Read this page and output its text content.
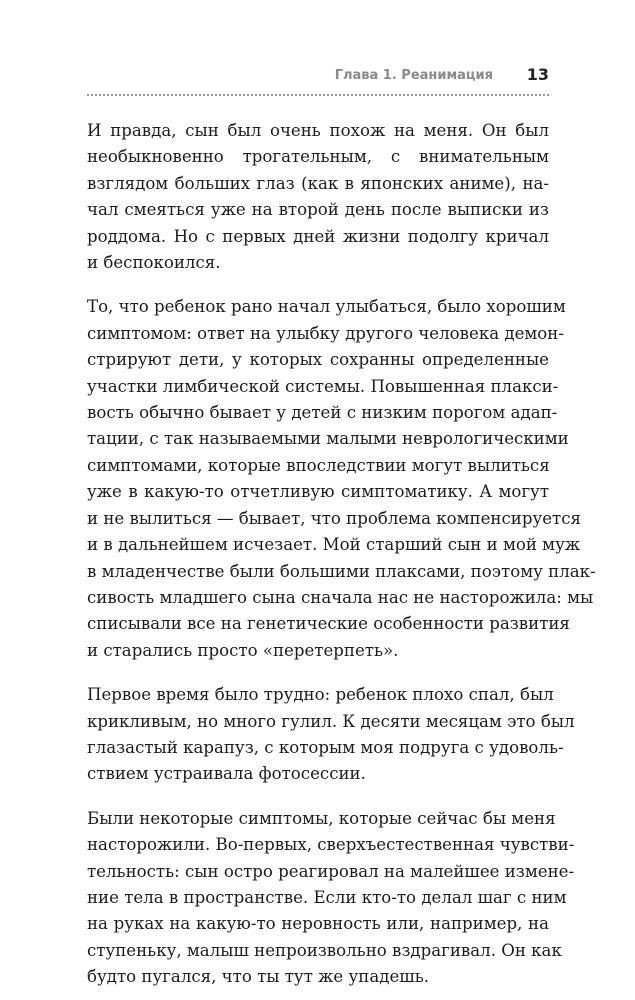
Глава 1. Реанимация 13
И правда, сын был очень похож на меня. Он был
необыкновенно трогательным, с внимательным
взглядом больших глаз (как в японских аниме), на-
чал смеяться уже на второй день после выписки из
роддома. Но с первых дней жизни подолгу кричал
и беспокоился.
То, что ребенок рано начал улыбаться, было хорошим
симптомом: ответ на улыбку другого человека демон-
стрируют дети, у которых сохранны определенные
участки лимбической системы. Повышенная плакси-
вость обычно бывает у детей с низким порогом адап-
тации, с так называемыми малыми неврологическими
симптомами, которые впоследствии могут вылиться
уже в какую-то отчетливую симптоматику. А могут
и не вылиться — бывает, что проблема компенсируется
и в дальнейшем исчезает. Мой старший сын и мой муж
в младенчестве были большими плаксами, поэтому плак-
сивость младшего сына сначала нас не насторожила: мы
списывали все на генетические особенности развития
и старались просто «перетерпеть».
Первое время было трудно: ребенок плохо спал, был
крикливым, но много гулил. К десяти месяцам это был
глазастый карапуз, с которым моя подруга с удоволь-
ствием устраивала фотосессии.
Были некоторые симптомы, которые сейчас бы меня
насторожили. Во-первых, сверхъестественная чувстви-
тельность: сын остро реагировал на малейшее измене-
ние тела в пространстве. Если кто-то делал шаг с ним
на руках на какую-то неровность или, например, на
ступеньку, малыш непроизвольно вздрагивал. Он как
будто пугался, что ты тут же упадешь.
